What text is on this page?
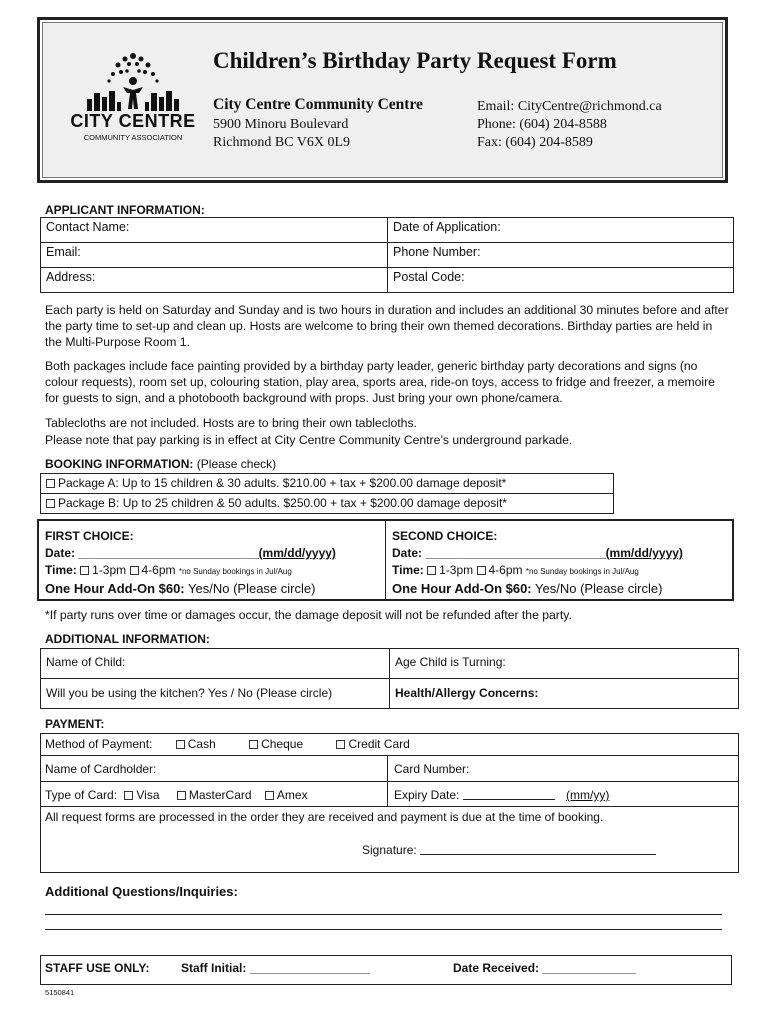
CITY CENTRE
COMMUNITY ASSOCIATION
Children’s Birthday Party Request Form
City Centre Community Centre
5900 Minoru Boulevard
Richmond BC V6X 0L9
Email: CityCentre@richmond.ca
Phone: (604) 204-8588
Fax: (604) 204-8589
APPLICANT INFORMATION:
Contact Name:	Date of Application:
Email:	Phone Number:
Address:	Postal Code:
Each party is held on Saturday and Sunday and is two hours in duration and includes an additional 30 minutes before and after the party time to set-up and clean up. Hosts are welcome to bring their own themed decorations. Birthday parties are held in the Multi-Purpose Room 1.
Both packages include face painting provided by a birthday party leader, generic birthday party decorations and signs (no colour requests), room set up, colouring station, play area, sports area, ride-on toys, access to fridge and freezer, a memoire for guests to sign, and a photobooth background with props. Just bring your own phone/camera.
Tablecloths are not included. Hosts are to bring their own tablecloths.
Please note that pay parking is in effect at City Centre Community Centre’s underground parkade.
BOOKING INFORMATION: (Please check)
Package A: Up to 15 children & 30 adults. $210.00 + tax + $200.00 damage deposit*
Package B: Up to 25 children & 50 adults. $250.00 + tax + $200.00 damage deposit*
FIRST CHOICE:
Date: ___________________________(mm/dd/yyyy)
Time: 1-3pm 4-6pm *no Sunday bookings in Jul/Aug
One Hour Add-On $60: Yes/No (Please circle)
SECOND CHOICE:
Date: ___________________________(mm/dd/yyyy)
Time: 1-3pm 4-6pm *no Sunday bookings in Jul/Aug
One Hour Add-On $60: Yes/No (Please circle)
*If party runs over time or damages occur, the damage deposit will not be refunded after the party.
ADDITIONAL INFORMATION:
Name of Child:	Age Child is Turning:
Will you be using the kitchen? Yes / No (Please circle)	Health/Allergy Concerns:
PAYMENT:
Method of Payment:	Cash	Cheque	Credit Card
Name of Cardholder:	Card Number:
Type of Card: Visa MasterCard Amex	Expiry Date:	(mm/yy)
All request forms are processed in the order they are received and payment is due at the time of booking.
Signature:
Additional Questions/Inquiries:
STAFF USE ONLY:	Staff Initial: __________________	Date Received: ______________
5150841
